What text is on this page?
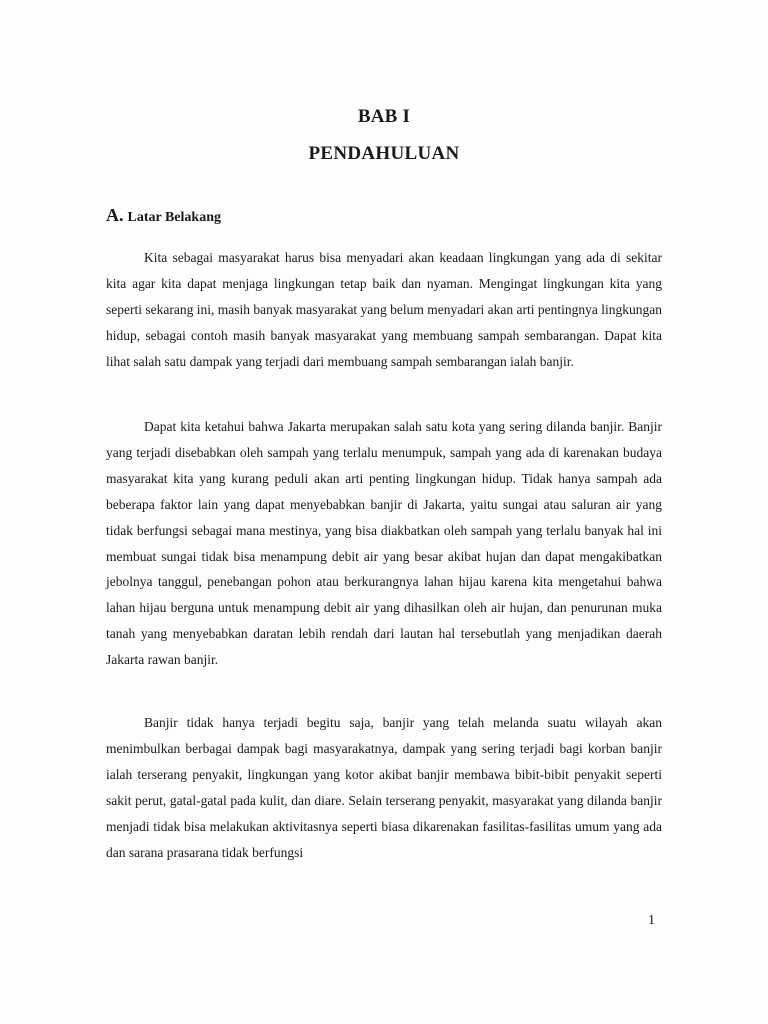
BAB I
PENDAHULUAN
A. Latar Belakang

Kita sebagai masyarakat harus bisa menyadari akan keadaan lingkungan yang ada di sekitar kita agar kita dapat menjaga lingkungan tetap baik dan nyaman. Mengingat lingkungan kita yang seperti sekarang ini, masih banyak masyarakat yang belum menyadari akan arti pentingnya lingkungan hidup, sebagai contoh masih banyak masyarakat yang membuang sampah sembarangan. Dapat kita lihat salah satu dampak yang terjadi dari membuang sampah sembarangan ialah banjir.

Dapat kita ketahui bahwa Jakarta merupakan salah satu kota yang sering dilanda banjir. Banjir yang terjadi disebabkan oleh sampah yang terlalu menumpuk, sampah yang ada di karenakan budaya masyarakat kita yang kurang peduli akan arti penting lingkungan hidup. Tidak hanya sampah ada beberapa faktor lain yang dapat menyebabkan banjir di Jakarta, yaitu sungai atau saluran air yang tidak berfungsi sebagai mana mestinya, yang bisa diakbatkan oleh sampah yang terlalu banyak hal ini membuat sungai tidak bisa menampung debit air yang besar akibat hujan dan dapat mengakibatkan jebolnya tanggul, penebangan pohon atau berkurangnya lahan hijau karena kita mengetahui bahwa lahan hijau berguna untuk menampung debit air yang dihasilkan oleh air hujan, dan penurunan muka tanah yang menyebabkan daratan lebih rendah dari lautan hal tersebutlah yang menjadikan daerah Jakarta rawan banjir.

Banjir tidak hanya terjadi begitu saja, banjir yang telah melanda suatu wilayah akan menimbulkan berbagai dampak bagi masyarakatnya, dampak yang sering terjadi bagi korban banjir ialah terserang penyakit, lingkungan yang kotor akibat banjir membawa bibit-bibit penyakit seperti sakit perut, gatal-gatal pada kulit, dan diare. Selain terserang penyakit, masyarakat yang dilanda banjir menjadi tidak bisa melakukan aktivitasnya seperti biasa dikarenakan fasilitas-fasilitas umum yang ada dan sarana prasarana tidak berfungsi

1
